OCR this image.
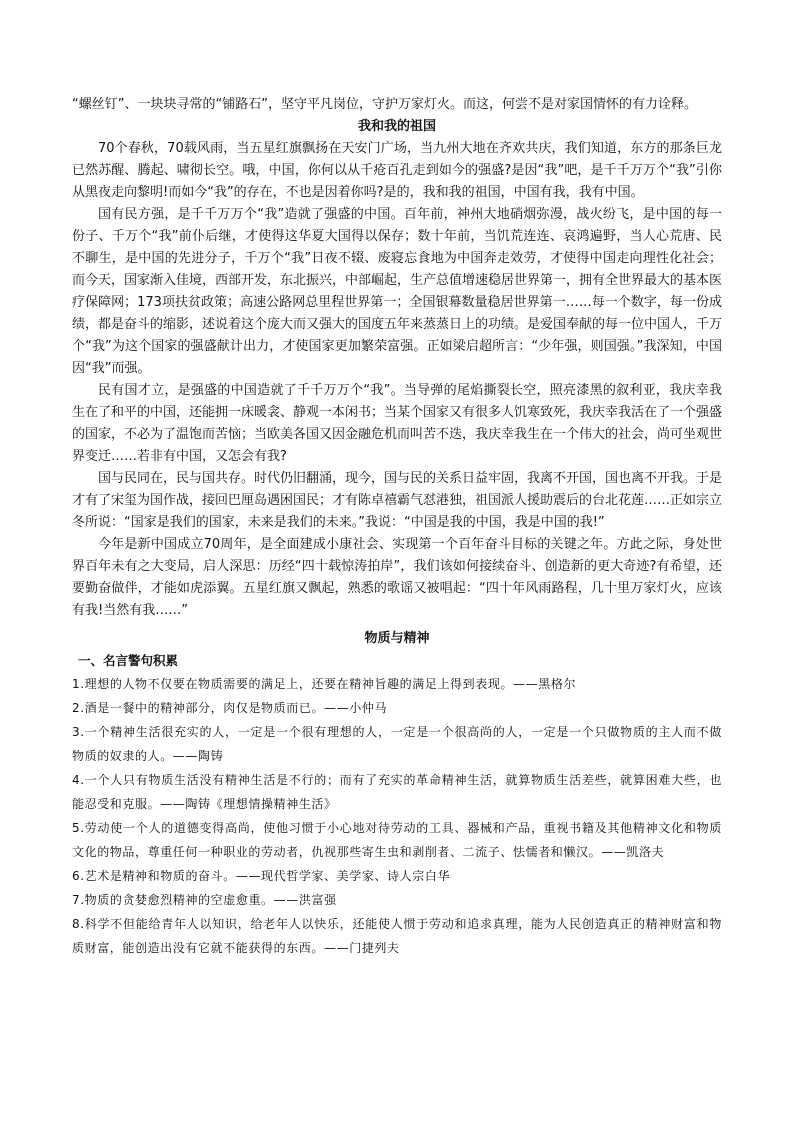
“螺丝钉”、一块块寻常的“铺路石”，坚守平凡岗位，守护万家灯火。而这，何尝不是对家国情怀的有力诠释。

我和我的祖国

70个春秋，70载风雨，当五星红旗飘扬在天安门广场，当九州大地在齐欢共庆，我们知道，东方的那条巨龙已然苏醒、腾起、啸彻长空。哦，中国，你何以从千疮百孔走到如今的强盛?是因“我”吧，是千千万万个“我”引你从黑夜走向黎明!而如今“我”的存在，不也是因着你吗?是的，我和我的祖国，中国有我，我有中国。

国有民方强，是千千万万个“我”造就了强盛的中国。百年前，神州大地硝烟弥漫，战火纷飞，是中国的每一份子、千万个“我”前仆后继，才使得这华夏大国得以保存；数十年前，当饥荒连连、哀鸿遍野，当人心荒唐、民不聊生，是中国的先进分子，千万个“我”日夜不辍、废寝忘食地为中国奔走效劳，才使得中国走向理性化社会；而今天，国家渐入佳境，西部开发，东北振兴，中部崛起，生产总值增速稳居世界第一，拥有全世界最大的基本医疗保障网；173项扶贫政策；高速公路网总里程世界第一；全国银幕数量稳居世界第一……每一个数字，每一份成绩，都是奋斗的缩影，述说着这个庞大而又强大的国度五年来蒸蒸日上的功绩。是爱国奉献的每一位中国人，千万个“我”为这个国家的强盛献计出力，才使国家更加繁荣富强。正如梁启超所言：“少年强，则国强。”我深知，中国因“我”而强。

民有国才立，是强盛的中国造就了千千万万个“我”。当导弹的尾焰撕裂长空，照亮漆黑的叙利亚，我庆幸我生在了和平的中国，还能拥一床暖衾、静观一本闲书；当某个国家又有很多人饥寒致死，我庆幸我活在了一个强盛的国家，不必为了温饱而苦恼；当欧美各国又因金融危机而叫苦不迭，我庆幸我生在一个伟大的社会，尚可坐观世界变迁……若非有中国，又怎会有我?

国与民同在，民与国共存。时代仍旧翻涌，现今，国与民的关系日益牢固，我离不开国，国也离不开我。于是才有了宋玺为国作战，接回巴厘岛遇困国民；才有陈卓禧霸气怼港独，祖国派人援助震后的台北花莲……正如宗立冬所说：“国家是我们的国家，未来是我们的未来。”我说：“中国是我的中国，我是中国的我!”

今年是新中国成立70周年，是全面建成小康社会、实现第一个百年奋斗目标的关键之年。方此之际，身处世界百年未有之大变局，启人深思：历经“四十载惊涛拍岸”，我们该如何接续奋斗、创造新的更大奇迹?有希望，还要勤奋做伴，才能如虎添翼。五星红旗又飘起，熟悉的歌谣又被唱起：“四十年风雨路程，几十里万家灯火，应该有我!当然有我……”

物质与精神

一、名言警句积累

1.理想的人物不仅要在物质需要的满足上，还要在精神旨趣的满足上得到表现。——黑格尔

2.酒是一餐中的精神部分，肉仅是物质而已。——小仲马

3.一个精神生活很充实的人，一定是一个很有理想的人，一定是一个很高尚的人，一定是一个只做物质的主人而不做物质的奴隶的人。——陶铸

4.一个人只有物质生活没有精神生活是不行的；而有了充实的革命精神生活，就算物质生活差些，就算困难大些，也能忍受和克服。——陶铸《理想情操精神生活》

5.劳动使一个人的道德变得高尚，使他习惯于小心地对待劳动的工具、器械和产品，重视书籍及其他精神文化和物质文化的物品，尊重任何一种职业的劳动者，仇视那些寄生虫和剥削者、二流子、怯懦者和懒汉。——凯洛夫

6.艺术是精神和物质的奋斗。——现代哲学家、美学家、诗人宗白华

7.物质的贪婪愈烈精神的空虚愈重。——洪富强

8.科学不但能给青年人以知识，给老年人以快乐，还能使人惯于劳动和追求真理，能为人民创造真正的精神财富和物质财富，能创造出没有它就不能获得的东西。——门捷列夫
